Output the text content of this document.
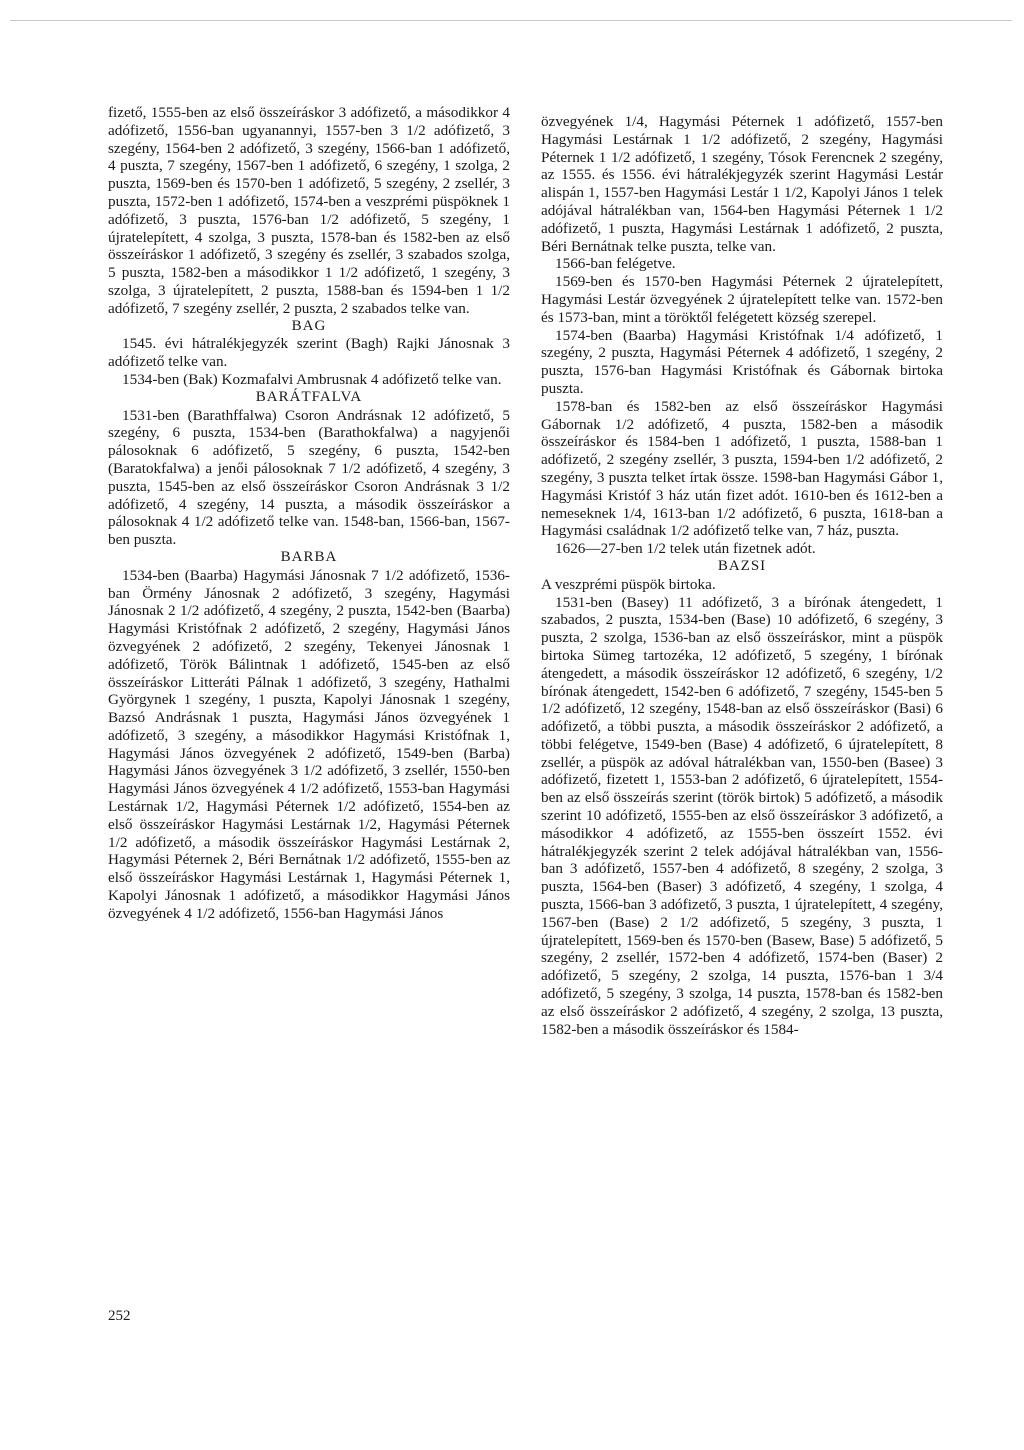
fizető, 1555-ben az első összeíráskor 3 adófizető, a másodikkor 4 adófizető, 1556-ban ugyanannyi, 1557-ben 3 1/2 adófizető, 3 szegény, 1564-ben 2 adófizető, 3 szegény, 1566-ban 1 adófizető, 4 puszta, 7 szegény, 1567-ben 1 adófizető, 6 szegény, 1 szolga, 2 puszta, 1569-ben és 1570-ben 1 adófizető, 5 szegény, 2 zsellér, 3 puszta, 1572-ben 1 adófizető, 1574-ben a veszprémi püspöknek 1 adófizető, 3 puszta, 1576-ban 1/2 adófizető, 5 szegény, 1 újratelepített, 4 szolga, 3 puszta, 1578-ban és 1582-ben az első összeíráskor 1 adófizető, 3 szegény és zsellér, 3 szabados szolga, 5 puszta, 1582-ben a másodikkor 1 1/2 adófizető, 1 szegény, 3 szolga, 3 újratelepített, 2 puszta, 1588-ban és 1594-ben 1 1/2 adófizető, 7 szegény zsellér, 2 puszta, 2 szabados telke van.

BAG

1545. évi hátralékjegyzék szerint (Bagh) Rajki Jánosnak 3 adófizető telke van.

1534-ben (Bak) Kozmafalvi Ambrusnak 4 adófizető telke van.

BARÁTFALVA

1531-ben (Barathffalwa) Csoron Andrásnak 12 adófizető, 5 szegény, 6 puszta, 1534-ben (Barathokfalwa) a nagyjenői pálosoknak 6 adófizető, 5 szegény, 6 puszta, 1542-ben (Baratokfalwa) a jenői pálosoknak 7 1/2 adófizető, 4 szegény, 3 puszta, 1545-ben az első összeíráskor Csoron Andrásnak 3 1/2 adófizető, 4 szegény, 14 puszta, a második összeíráskor a pálosoknak 4 1/2 adófizető telke van. 1548-ban, 1566-ban, 1567-ben puszta.

BARBA

1534-ben (Baarba) Hagymási Jánosnak 7 1/2 adófizető, 1536-ban Örmény Jánosnak 2 adófizető, 3 szegény, Hagymási Jánosnak 2 1/2 adófizető, 4 szegény, 2 puszta, 1542-ben (Baarba) Hagymási Kristófnak 2 adófizető, 2 szegény, Hagymási János özvegyének 2 adófizető, 2 szegény, Tekenyei Jánosnak 1 adófizető, Török Bálintnak 1 adófizető, 1545-ben az első összeíráskor Litteráti Pálnak 1 adófizető, 3 szegény, Hathalmi Györgynek 1 szegény, 1 puszta, Kapolyi Jánosnak 1 szegény, Bazsó Andrásnak 1 puszta, Hagymási János özvegyének 1 adófizető, 3 szegény, a másodikkor Hagymási Kristófnak 1, Hagymási János özvegyének 2 adófizető, 1549-ben (Barba) Hagymási János özvegyének 3 1/2 adófizető, 3 zsellér, 1550-ben Hagymási János özvegyének 4 1/2 adófizető, 1553-ban Hagymási Lestárnak 1/2, Hagymási Péternek 1/2 adófizető, 1554-ben az első összeíráskor Hagymási Lestárnak 1/2, Hagymási Péternek 1/2 adófizető, a második összeíráskor Hagymási Lestárnak 2, Hagymási Péternek 2, Béri Bernátnak 1/2 adófizető, 1555-ben az első összeíráskor Hagymási Lestárnak 1, Hagymási Péternek 1, Kapolyi Jánosnak 1 adófizető, a másodikkor Hagymási János özvegyének 4 1/2 adófizető, 1556-ban Hagymási János

özvegyének 1/4, Hagymási Péternek 1 adófizető, 1557-ben Hagymási Lestárnak 1 1/2 adófizető, 2 szegény, Hagymási Péternek 1 1/2 adófizető, 1 szegény, Tósok Ferencnek 2 szegény, az 1555. és 1556. évi hátralékjegyzék szerint Hagymási Lestár alispán 1, 1557-ben Hagymási Lestár 1 1/2, Kapolyi János 1 telek adójával hátralékban van, 1564-ben Hagymási Péternek 1 1/2 adófizető, 1 puszta, Hagymási Lestárnak 1 adófizető, 2 puszta, Béri Bernátnak telke puszta, telke van.

1566-ban felégetve.

1569-ben és 1570-ben Hagymási Péternek 2 újratelepített, Hagymási Lestár özvegyének 2 újratelepített telke van. 1572-ben és 1573-ban, mint a töröktől felégetett község szerepel.

1574-ben (Baarba) Hagymási Kristófnak 1/4 adófizető, 1 szegény, 2 puszta, Hagymási Péternek 4 adófizető, 1 szegény, 2 puszta, 1576-ban Hagymási Kristófnak és Gábornak birtoka puszta.

1578-ban és 1582-ben az első összeíráskor Hagymási Gábornak 1/2 adófizető, 4 puszta, 1582-ben a második összeíráskor és 1584-ben 1 adófizető, 1 puszta, 1588-ban 1 adófizető, 2 szegény zsellér, 3 puszta, 1594-ben 1/2 adófizető, 2 szegény, 3 puszta telket írtak össze. 1598-ban Hagymási Gábor 1, Hagymási Kristóf 3 ház után fizet adót. 1610-ben és 1612-ben a nemeseknek 1/4, 1613-ban 1/2 adófizető, 6 puszta, 1618-ban a Hagymási családnak 1/2 adófizető telke van, 7 ház, puszta.

1626—27-ben 1/2 telek után fizetnek adót.

BAZSI

A veszprémi püspök birtoka.

1531-ben (Basey) 11 adófizető, 3 a bírónak átengedett, 1 szabados, 2 puszta, 1534-ben (Base) 10 adófizető, 6 szegény, 3 puszta, 2 szolga, 1536-ban az első összeíráskor, mint a püspök birtoka Sümeg tartozéka, 12 adófizető, 5 szegény, 1 bírónak átengedett, a második összeíráskor 12 adófizető, 6 szegény, 1/2 bírónak átengedett, 1542-ben 6 adófizető, 7 szegény, 1545-ben 5 1/2 adófizető, 12 szegény, 1548-ban az első összeíráskor (Basi) 6 adófizető, a többi puszta, a második összeíráskor 2 adófizető, a többi felégetve, 1549-ben (Base) 4 adófizető, 6 újratelepített, 8 zsellér, a püspök az adóval hátralékban van, 1550-ben (Basee) 3 adófizető, fizetett 1, 1553-ban 2 adófizető, 6 újratelepített, 1554-ben az első összeírás szerint (török birtok) 5 adófizető, a második szerint 10 adófizető, 1555-ben az első összeíráskor 3 adófizető, a másodikkor 4 adófizető, az 1555-ben összeírt 1552. évi hátralékjegyzék szerint 2 telek adójával hátralékban van, 1556-ban 3 adófizető, 1557-ben 4 adófizető, 8 szegény, 2 szolga, 3 puszta, 1564-ben (Baser) 3 adófizető, 4 szegény, 1 szolga, 4 puszta, 1566-ban 3 adófizető, 3 puszta, 1 újratelepített, 4 szegény, 1567-ben (Base) 2 1/2 adófizető, 5 szegény, 3 puszta, 1 újratelepített, 1569-ben és 1570-ben (Basew, Base) 5 adófizető, 5 szegény, 2 zsellér, 1572-ben 4 adófizető, 1574-ben (Baser) 2 adófizető, 5 szegény, 2 szolga, 14 puszta, 1576-ban 1 3/4 adófizető, 5 szegény, 3 szolga, 14 puszta, 1578-ban és 1582-ben az első összeíráskor 2 adófizető, 4 szegény, 2 szolga, 13 puszta, 1582-ben a második összeíráskor és 1584-

252
